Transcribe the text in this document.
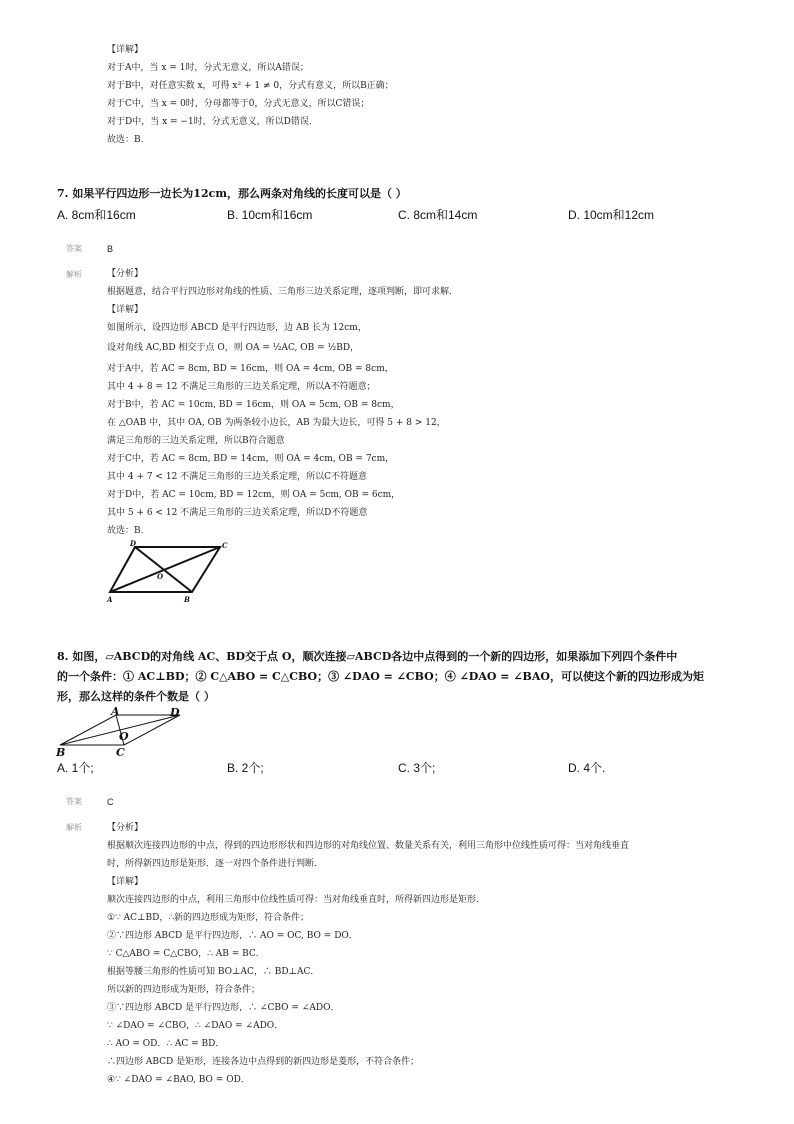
【详解】
对于A中，当 x = 1时，分式无意义，所以A错误；
对于B中，对任意实数 x，可得 x² + 1 ≠ 0，分式有意义，所以B正确；
对于C中，当 x = 0时，分母都等于0，分式无意义，所以C错误；
对于D中，当 x = −1时，分式无意义，所以D错误．
故选：B.
7. 如果平行四边形一边长为12cm，那么两条对角线的长度可以是（ ）
A. 8cm和16cm	B. 10cm和16cm	C. 8cm和14cm	D. 10cm和12cm
答案	B
解析	【分析】
根据题意，结合平行四边形对角线的性质、三角形三边关系定理，逐项判断，即可求解．
【详解】
如图所示，设四边形 ABCD 是平行四边形，边 AB 长为 12cm，
设对角线 AC,BD 相交于点 O，则 OA = ½AC, OB = ½BD，
对于A中，若 AC = 8cm, BD = 16cm，则 OA = 4cm, OB = 8cm，
其中 4 + 8 = 12 不满足三角形的三边关系定理，所以A不符题意；
对于B中，若 AC = 10cm, BD = 16cm，则 OA = 5cm, OB = 8cm，
在 △OAB 中，其中 OA, OB 为两条较小边长，AB 为最大边长，可得 5 + 8 > 12，
满足三角形的三边关系定理，所以B符合题意
对于C中，若 AC = 8cm, BD = 14cm，则 OA = 4cm, OB = 7cm，
其中 4 + 7 < 12 不满足三角形的三边关系定理，所以C不符题意
对于D中，若 AC = 10cm, BD = 12cm，则 OA = 5cm, OB = 6cm，
其中 5 + 6 < 12 不满足三角形的三边关系定理，所以D不符题意
故选：B.
D	C
O
A	B
8. 如图，▱ABCD的对角线 AC、BD交于点 O，顺次连接▱ABCD各边中点得到的一个新的四边形，如果添加下列四个条件中
的一个条件：① AC⊥BD；② C△ABO = C△CBO；③ ∠DAO = ∠CBO；④ ∠DAO = ∠BAO，可以使这个新的四边形成为矩
形，那么这样的条件个数是（ ）
A	D
O
B	C
A. 1个;	B. 2个;	C. 3个;	D. 4个.
答案	C
解析	【分析】
根据顺次连接四边形的中点，得到的四边形形状和四边形的对角线位置、数量关系有关，利用三角形中位线性质可得：当对角线垂直
时，所得新四边形是矩形．逐一对四个条件进行判断．
【详解】
顺次连接四边形的中点，利用三角形中位线性质可得：当对角线垂直时，所得新四边形是矩形．
①∵ AC⊥BD，∴新的四边形成为矩形，符合条件；
②∵四边形 ABCD 是平行四边形，∴ AO = OC, BO = DO．
∵ C△ABO = C△CBO，∴ AB = BC．
根据等腰三角形的性质可知 BO⊥AC，∴ BD⊥AC．
所以新的四边形成为矩形，符合条件；
③∵四边形 ABCD 是平行四边形，∴ ∠CBO = ∠ADO．
∵ ∠DAO = ∠CBO，∴ ∠DAO = ∠ADO．
∴ AO = OD．∴ AC = BD．
∴四边形 ABCD 是矩形，连接各边中点得到的新四边形是菱形，不符合条件；
④∵ ∠DAO = ∠BAO, BO = OD．
